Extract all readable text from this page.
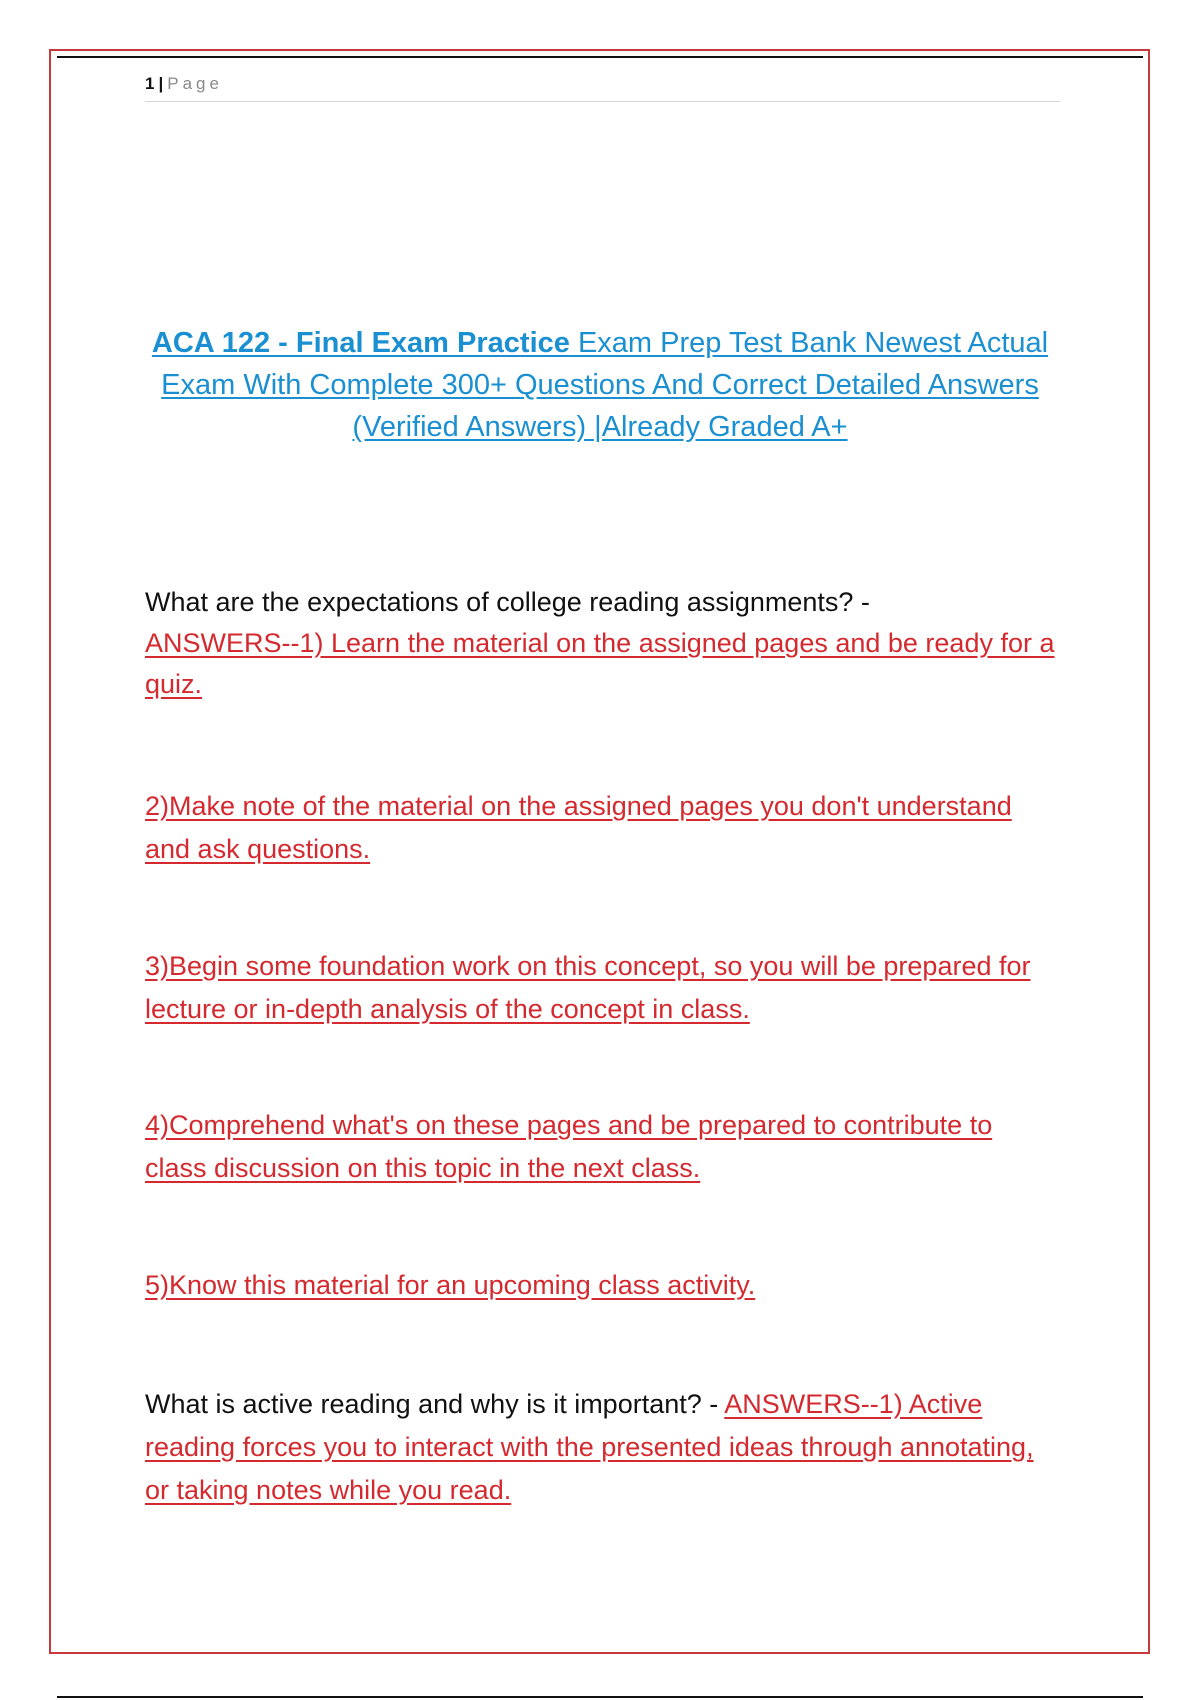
1 | Page
ACA 122 - Final Exam Practice Exam Prep Test Bank Newest Actual Exam With Complete 300+ Questions And Correct Detailed Answers (Verified Answers) |Already Graded A+
What are the expectations of college reading assignments? -
ANSWERS--1) Learn the material on the assigned pages and be ready for a quiz.
2)Make note of the material on the assigned pages you don't understand and ask questions.
3)Begin some foundation work on this concept, so you will be prepared for lecture or in-depth analysis of the concept in class.
4)Comprehend what's on these pages and be prepared to contribute to class discussion on this topic in the next class.
5)Know this material for an upcoming class activity.
What is active reading and why is it important? - ANSWERS--1) Active reading forces you to interact with the presented ideas through annotating, or taking notes while you read.
